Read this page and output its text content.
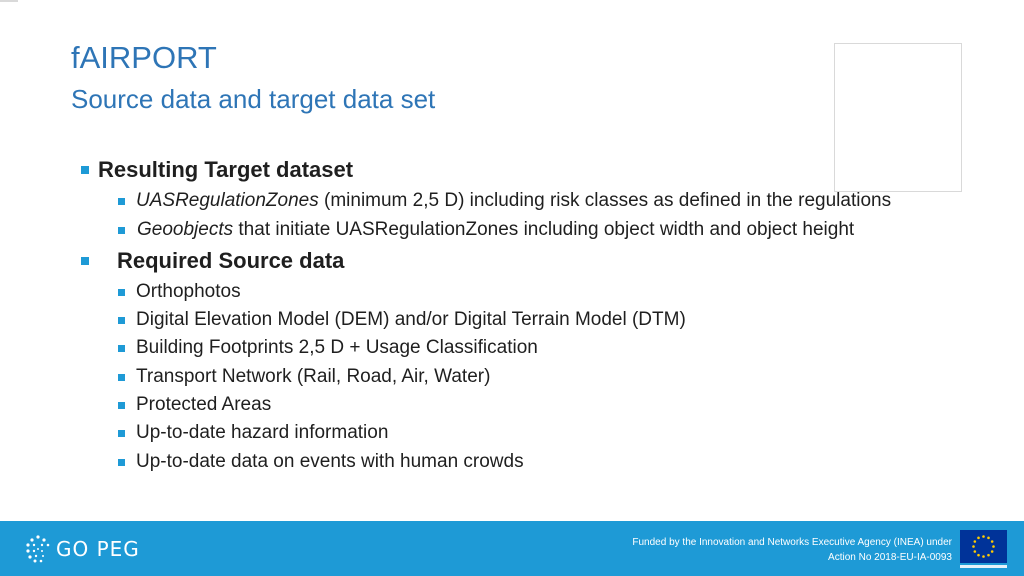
fAIRPORT
Source data and target data set
Resulting Target dataset
UASRegulationZones (minimum 2,5 D) including risk classes as defined in the regulations
Geoobjects that initiate UASRegulationZones including object width and object height
Required Source data
Orthophotos
Digital Elevation Model (DEM) and/or Digital Terrain Model (DTM)
Building Footprints 2,5 D + Usage Classification
Transport Network (Rail, Road, Air, Water)
Protected Areas
Up-to-date hazard information
Up-to-date data on events with human crowds
GO PEG	Funded by the Innovation and Networks Executive Agency (INEA) under
Action No 2018-EU-IA-0093
